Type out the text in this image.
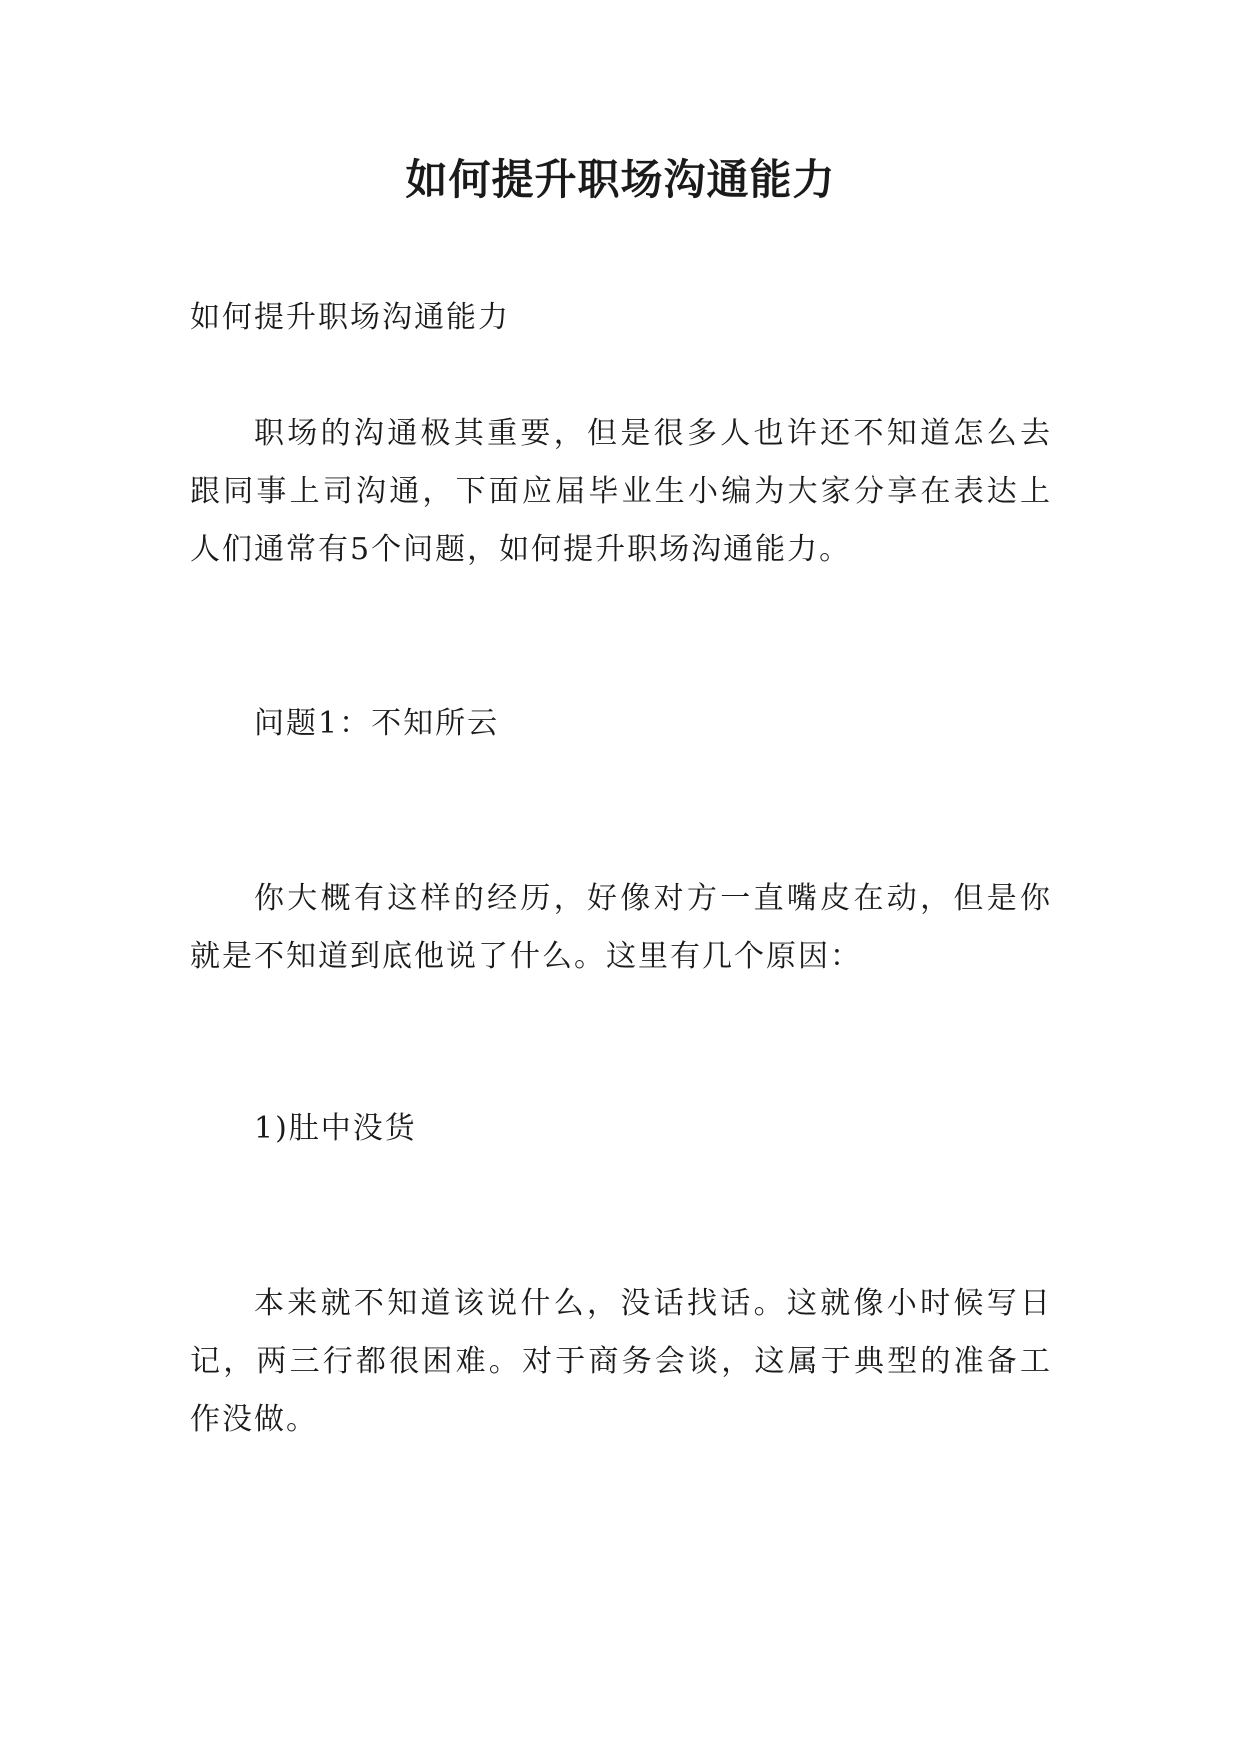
如何提升职场沟通能力

如何提升职场沟通能力

职场的沟通极其重要，但是很多人也许还不知道怎么去跟同事上司沟通，下面应届毕业生小编为大家分享在表达上人们通常有5个问题，如何提升职场沟通能力。

问题1：不知所云

你大概有这样的经历，好像对方一直嘴皮在动，但是你就是不知道到底他说了什么。这里有几个原因：

1)肚中没货

本来就不知道该说什么，没话找话。这就像小时候写日记，两三行都很困难。对于商务会谈，这属于典型的准备工作没做。
